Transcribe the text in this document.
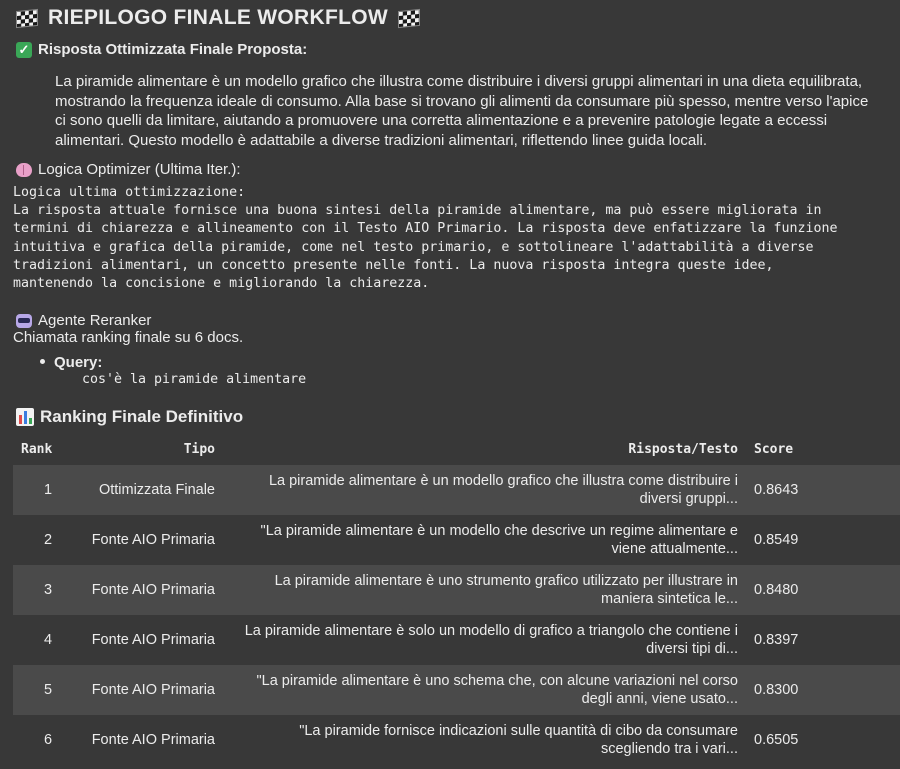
RIEPILOGO FINALE WORKFLOW
✓ Risposta Ottimizzata Finale Proposta:
La piramide alimentare è un modello grafico che illustra come distribuire i diversi gruppi alimentari in una dieta equilibrata, mostrando la frequenza ideale di consumo. Alla base si trovano gli alimenti da consumare più spesso, mentre verso l'apice ci sono quelli da limitare, aiutando a promuovere una corretta alimentazione e a prevenire patologie legate a eccessi alimentari. Questo modello è adattabile a diverse tradizioni alimentari, riflettendo linee guida locali.
Logica Optimizer (Ultima Iter.):
Logica ultima ottimizzazione:
La risposta attuale fornisce una buona sintesi della piramide alimentare, ma può essere migliorata in
termini di chiarezza e allineamento con il Testo AIO Primario. La risposta deve enfatizzare la funzione
intuitiva e grafica della piramide, come nel testo primario, e sottolineare l'adattabilità a diverse
tradizioni alimentari, un concetto presente nelle fonti. La nuova risposta integra queste idee,
mantenendo la concisione e migliorando la chiarezza.
Agente Reranker
Chiamata ranking finale su 6 docs.
Query:
cos'è la piramide alimentare
Ranking Finale Definitivo
Rank	Tipo	Risposta/Testo	Score
1	Ottimizzata Finale	La piramide alimentare è un modello grafico che illustra come distribuire i diversi gruppi...	0.8643
2	Fonte AIO Primaria	"La piramide alimentare è un modello che descrive un regime alimentare e viene attualmente...	0.8549
3	Fonte AIO Primaria	La piramide alimentare è uno strumento grafico utilizzato per illustrare in maniera sintetica le...	0.8480
4	Fonte AIO Primaria	La piramide alimentare è solo un modello di grafico a triangolo che contiene i diversi tipi di...	0.8397
5	Fonte AIO Primaria	"La piramide alimentare è uno schema che, con alcune variazioni nel corso degli anni, viene usato...	0.8300
6	Fonte AIO Primaria	"La piramide fornisce indicazioni sulle quantità di cibo da consumare scegliendo tra i vari...	0.6505
